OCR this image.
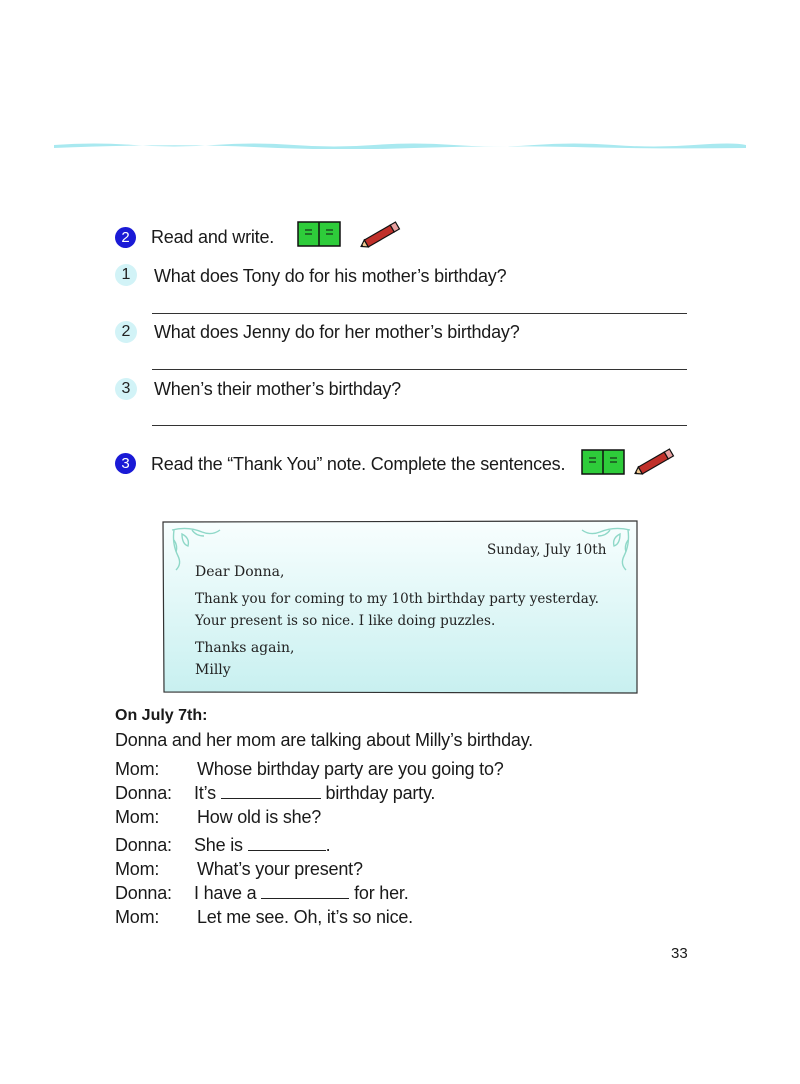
2	Read and write.
1	What does Tony do for his mother’s birthday?
2	What does Jenny do for her mother’s birthday?
3	When’s their mother’s birthday?
3	Read the “Thank You” note. Complete the sentences.
Sunday, July 10th
Dear Donna,
Thank you for coming to my 10th birthday party yesterday.
Your present is so nice. I like doing puzzles.
Thanks again,
Milly
On July 7th:
Donna and her mom are talking about Milly’s birthday.
Mom: Whose birthday party are you going to?
Donna: It’s	birthday party.
Mom: How old is she?
Donna: She is	.
Mom: What’s your present?
Donna: I have a	for her.
Mom: Let me see. Oh, it’s so nice.
33
